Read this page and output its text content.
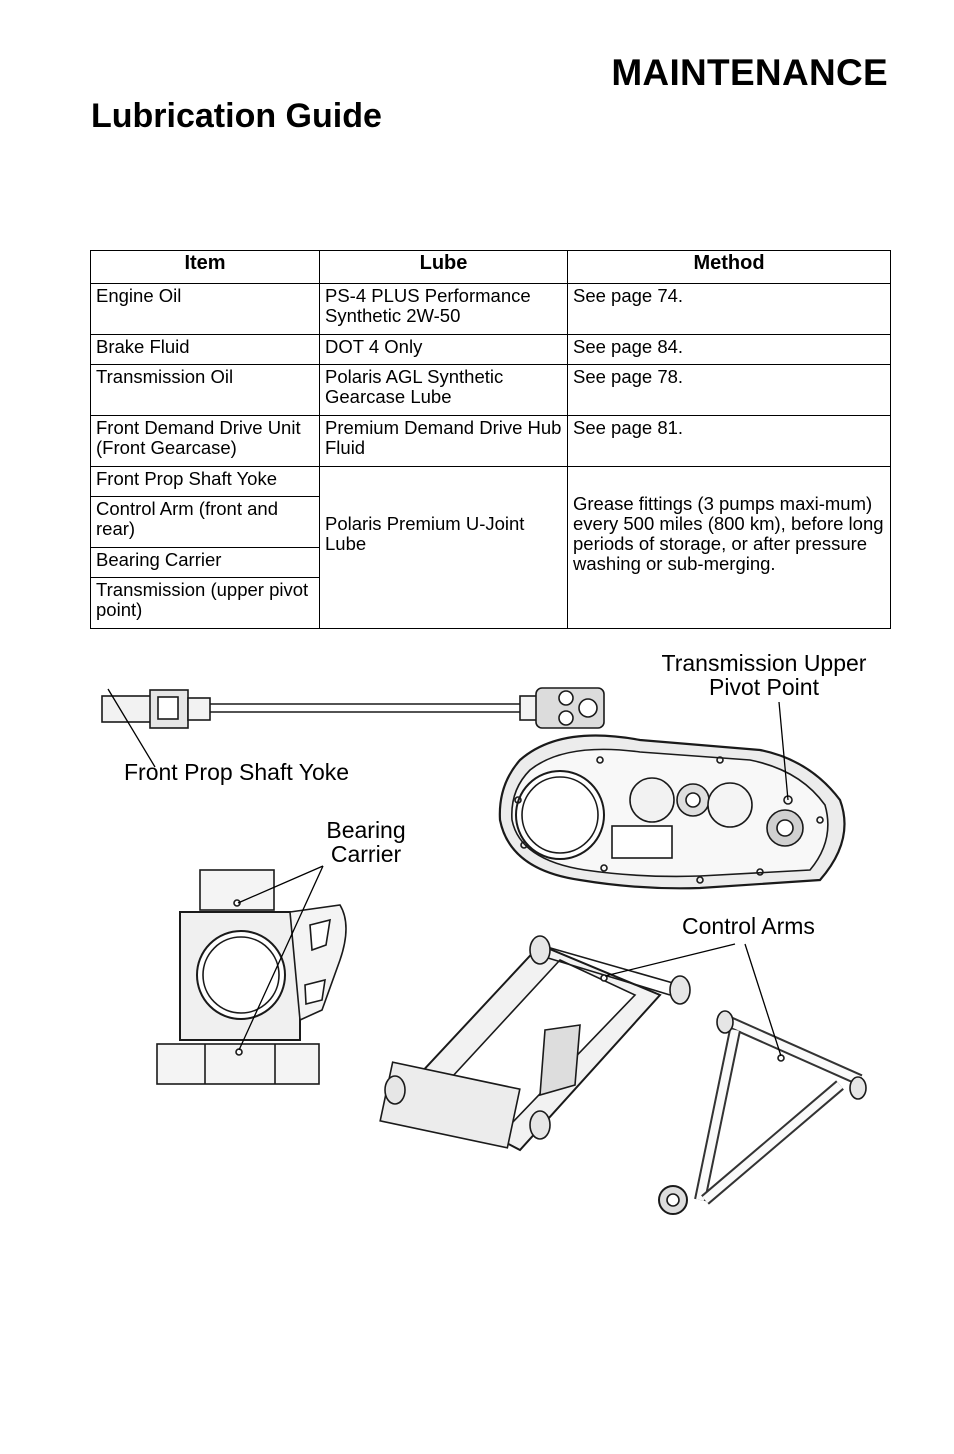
MAINTENANCE
Lubrication Guide
Item	Lube	Method
Engine Oil	PS-4 PLUS Performance Synthetic 2W-50	See page 74.
Brake Fluid	DOT 4 Only	See page 84.
Transmission Oil	Polaris AGL Synthetic Gearcase Lube	See page 78.
Front Demand Drive Unit (Front Gearcase)	Premium Demand Drive Hub Fluid	See page 81.
Front Prop Shaft Yoke	Polaris Premium U-Joint Lube	Grease fittings (3 pumps maxi-mum) every 500 miles (800 km), before long periods of storage, or after pressure washing or sub-merging.
Control Arm (front and rear)		
Bearing Carrier		
Transmission (upper pivot point)		
Front Prop Shaft Yoke
Transmission Upper
Pivot Point
Bearing
Carrier
Control Arms
